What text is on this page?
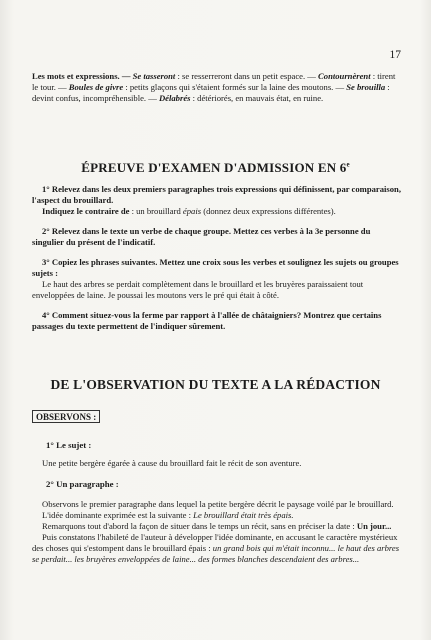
17

Les mots et expressions. — Se tasseront : se resserreront dans un petit espace. — Contournèrent : tirent le tour. — Boules de givre : petits glaçons qui s'étaient formés sur la laine des moutons. — Se brouilla : devint confus, incompréhensible. — Délabrés : détériorés, en mauvais état, en ruine.

ÉPREUVE D'EXAMEN D'ADMISSION EN 6e

1° Relevez dans les deux premiers paragraphes trois expressions qui définissent, par comparaison, l'aspect du brouillard.

Indiquez le contraire de : un brouillard épais (donnez deux expressions différentes).

2° Relevez dans le texte un verbe de chaque groupe. Mettez ces verbes à la 3e personne du singulier du présent de l'indicatif.

3° Copiez les phrases suivantes. Mettez une croix sous les verbes et soulignez les sujets ou groupes sujets :

Le haut des arbres se perdait complètement dans le brouillard et les bruyères paraissaient tout enveloppées de laine. Je poussai les moutons vers le pré qui était à côté.

4° Comment situez-vous la ferme par rapport à l'allée de châtaigniers? Montrez que certains passages du texte permettent de l'indiquer sûrement.

DE L'OBSERVATION DU TEXTE A LA RÉDACTION
OBSERVONS :
1° Le sujet :

Une petite bergère égarée à cause du brouillard fait le récit de son aventure.

2° Un paragraphe :

Observons le premier paragraphe dans lequel la petite bergère décrit le paysage voilé par le brouillard.

L'idée dominante exprimée est la suivante : Le brouillard était très épais.

Remarquons tout d'abord la façon de situer dans le temps un récit, sans en préciser la date : Un jour...

Puis constatons l'habileté de l'auteur à développer l'idée dominante, en accusant le caractère mystérieux des choses qui s'estompent dans le brouillard épais : un grand bois qui m'était inconnu... le haut des arbres se perdait... les bruyères enveloppées de laine... des formes blanches descendaient des arbres...
